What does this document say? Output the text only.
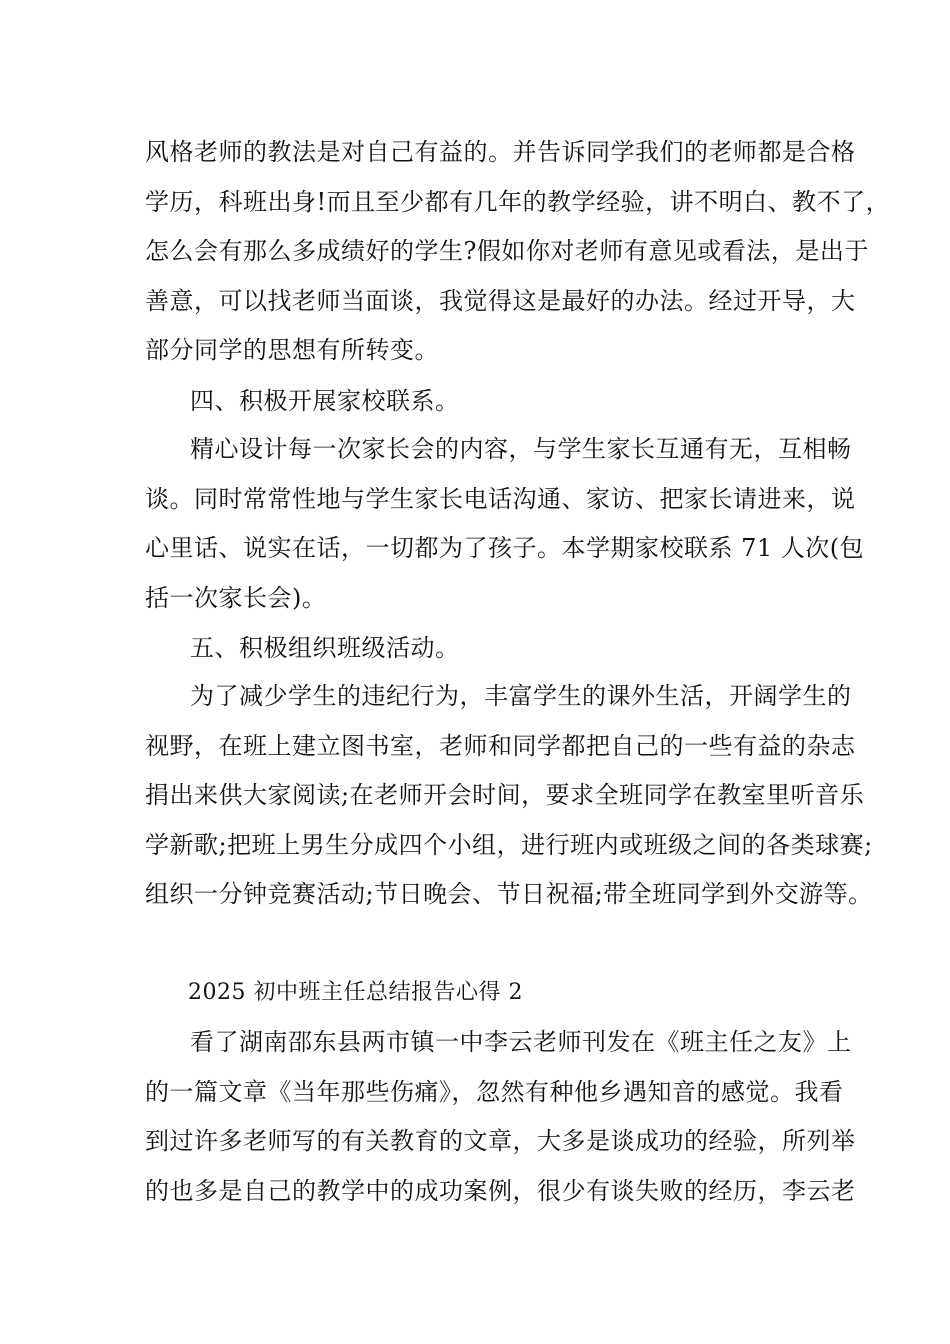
风格老师的教法是对自己有益的。并告诉同学我们的老师都是合格
学历，科班出身!而且至少都有几年的教学经验，讲不明白、教不了，
怎么会有那么多成绩好的学生?假如你对老师有意见或看法，是出于
善意，可以找老师当面谈，我觉得这是最好的办法。经过开导，大
部分同学的思想有所转变。
四、积极开展家校联系。
精心设计每一次家长会的内容，与学生家长互通有无，互相畅
谈。同时常常性地与学生家长电话沟通、家访、把家长请进来，说
心里话、说实在话，一切都为了孩子。本学期家校联系 71 人次(包
括一次家长会)。
五、积极组织班级活动。
为了减少学生的违纪行为，丰富学生的课外生活，开阔学生的
视野，在班上建立图书室，老师和同学都把自己的一些有益的杂志
捐出来供大家阅读;在老师开会时间，要求全班同学在教室里听音乐
学新歌;把班上男生分成四个小组，进行班内或班级之间的各类球赛;
组织一分钟竞赛活动;节日晚会、节日祝福;带全班同学到外交游等。
2025 初中班主任总结报告心得 2
看了湖南邵东县两市镇一中李云老师刊发在《班主任之友》上
的一篇文章《当年那些伤痛》，忽然有种他乡遇知音的感觉。我看
到过许多老师写的有关教育的文章，大多是谈成功的经验，所列举
的也多是自己的教学中的成功案例，很少有谈失败的经历，李云老
